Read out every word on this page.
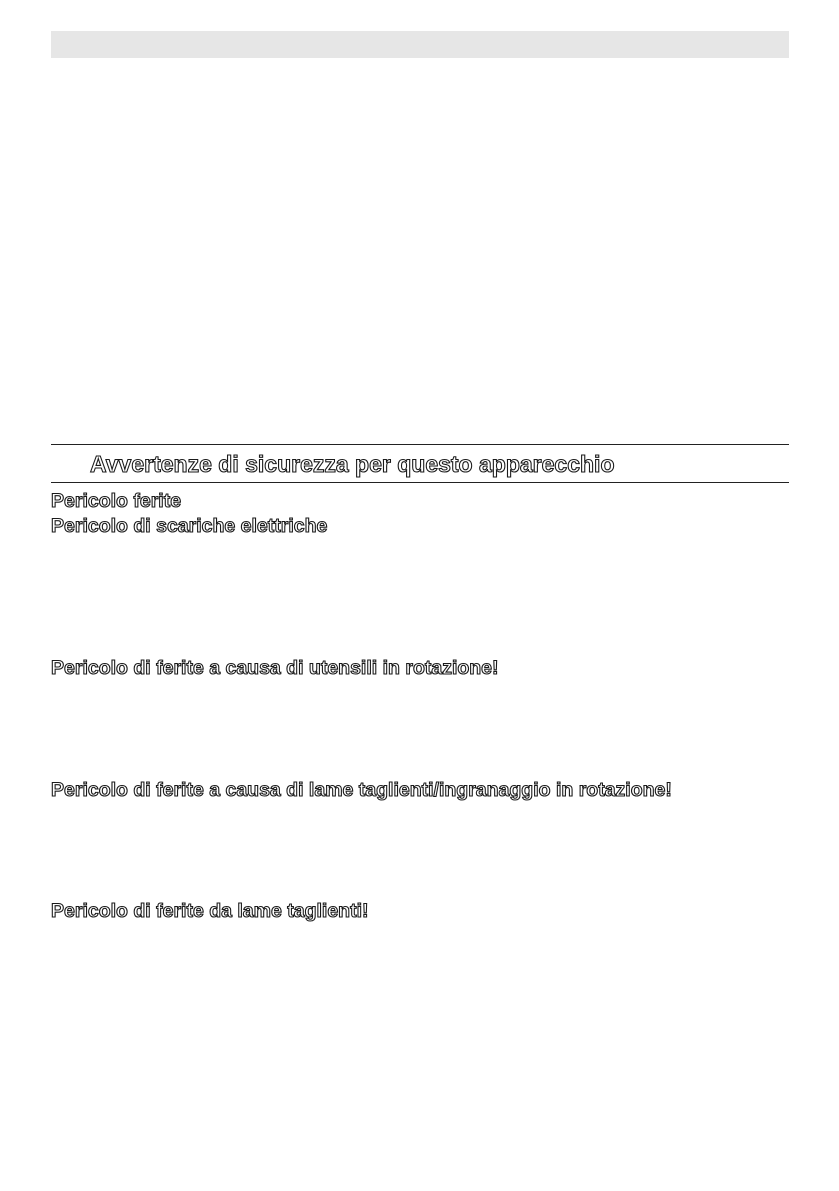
Avvertenze di sicurezza per questo apparecchio

Pericolo ferite

Pericolo di scariche elettriche

Pericolo di ferite a causa di utensili in rotazione!

Pericolo di ferite a causa di lame taglienti/ingranaggio in rotazione!

Pericolo di ferite da lame taglienti!
